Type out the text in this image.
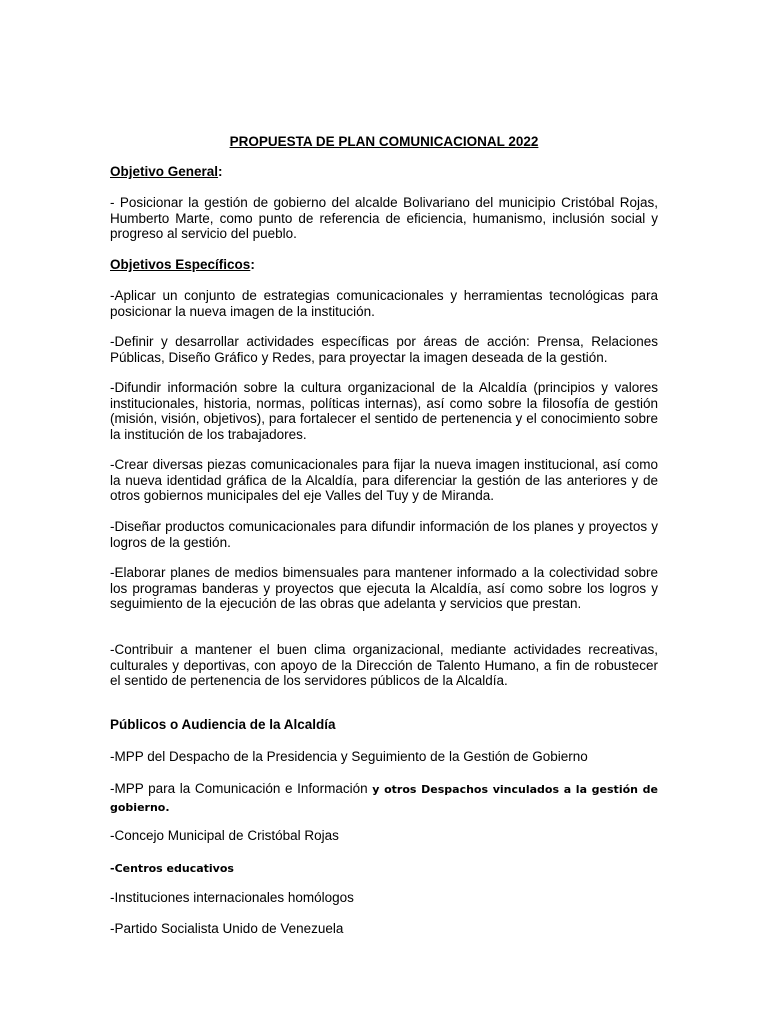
PROPUESTA DE PLAN COMUNICACIONAL 2022
Objetivo General:
- Posicionar la gestión de gobierno del alcalde Bolivariano del municipio Cristóbal Rojas, Humberto Marte, como punto de referencia de eficiencia, humanismo, inclusión social y progreso al servicio del pueblo.
Objetivos Específicos:
-Aplicar un conjunto de estrategias comunicacionales y herramientas tecnológicas para posicionar la nueva imagen de la institución.
-Definir y desarrollar actividades específicas por áreas de acción: Prensa, Relaciones Públicas, Diseño Gráfico y Redes, para proyectar la imagen deseada de la gestión.
-Difundir información sobre la cultura organizacional de la Alcaldía (principios y valores institucionales, historia, normas, políticas internas), así como sobre la filosofía de gestión (misión, visión, objetivos), para fortalecer el sentido de pertenencia y el conocimiento sobre la institución de los trabajadores.
-Crear diversas piezas comunicacionales para fijar la nueva imagen institucional, así como la nueva identidad gráfica de la Alcaldía, para diferenciar la gestión de las anteriores y de otros gobiernos municipales del eje Valles del Tuy y de Miranda.
-Diseñar productos comunicacionales para difundir información de los planes y proyectos y logros de la gestión.
-Elaborar planes de medios bimensuales para mantener informado a la colectividad sobre los programas banderas y proyectos que ejecuta la Alcaldía, así como sobre los logros y seguimiento de la ejecución de las obras que adelanta y servicios que prestan.
-Contribuir a mantener el buen clima organizacional, mediante actividades recreativas, culturales y deportivas, con apoyo de la Dirección de Talento Humano, a fin de robustecer el sentido de pertenencia de los servidores públicos de la Alcaldía.
Públicos o Audiencia de la Alcaldía
-MPP del Despacho de la Presidencia y Seguimiento de la Gestión de Gobierno
-MPP para la Comunicación e Información y otros Despachos vinculados a la gestión de gobierno.
-Concejo Municipal de Cristóbal Rojas
-Centros educativos
-Instituciones internacionales homólogos
-Partido Socialista Unido de Venezuela
